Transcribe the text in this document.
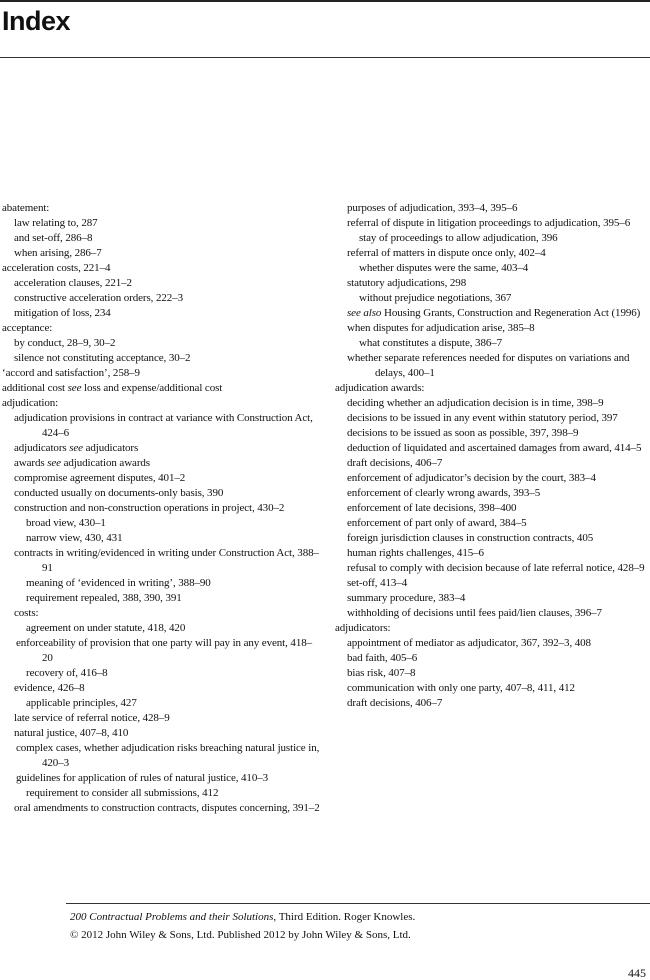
Index
abatement:
law relating to, 287
and set-off, 286–8
when arising, 286–7
acceleration costs, 221–4
acceleration clauses, 221–2
constructive acceleration orders, 222–3
mitigation of loss, 234
acceptance:
by conduct, 28–9, 30–2
silence not constituting acceptance, 30–2
‘accord and satisfaction’, 258–9
additional cost see loss and expense/additional cost
adjudication:
adjudication provisions in contract at variance with Construction Act, 424–6
adjudicators see adjudicators
awards see adjudication awards
compromise agreement disputes, 401–2
conducted usually on documents-only basis, 390
construction and non-construction operations in project, 430–2
broad view, 430–1
narrow view, 430, 431
contracts in writing/evidenced in writing under Construction Act, 388–91
meaning of ‘evidenced in writing’, 388–90
requirement repealed, 388, 390, 391
costs:
agreement on under statute, 418, 420
enforceability of provision that one party will pay in any event, 418–20
recovery of, 416–8
evidence, 426–8
applicable principles, 427
late service of referral notice, 428–9
natural justice, 407–8, 410
complex cases, whether adjudication risks breaching natural justice in, 420–3
guidelines for application of rules of natural justice, 410–3
requirement to consider all submissions, 412
oral amendments to construction contracts, disputes concerning, 391–2
purposes of adjudication, 393–4, 395–6
referral of dispute in litigation proceedings to adjudication, 395–6
stay of proceedings to allow adjudication, 396
referral of matters in dispute once only, 402–4
whether disputes were the same, 403–4
statutory adjudications, 298
without prejudice negotiations, 367
see also Housing Grants, Construction and Regeneration Act (1996)
when disputes for adjudication arise, 385–8
what constitutes a dispute, 386–7
whether separate references needed for disputes on variations and delays, 400–1
adjudication awards:
deciding whether an adjudication decision is in time, 398–9
decisions to be issued in any event within statutory period, 397
decisions to be issued as soon as possible, 397, 398–9
deduction of liquidated and ascertained damages from award, 414–5
draft decisions, 406–7
enforcement of adjudicator’s decision by the court, 383–4
enforcement of clearly wrong awards, 393–5
enforcement of late decisions, 398–400
enforcement of part only of award, 384–5
foreign jurisdiction clauses in construction contracts, 405
human rights challenges, 415–6
refusal to comply with decision because of late referral notice, 428–9
set-off, 413–4
summary procedure, 383–4
withholding of decisions until fees paid/lien clauses, 396–7
adjudicators:
appointment of mediator as adjudicator, 367, 392–3, 408
bad faith, 405–6
bias risk, 407–8
communication with only one party, 407–8, 411, 412
draft decisions, 406–7
200 Contractual Problems and their Solutions, Third Edition. Roger Knowles.
© 2012 John Wiley & Sons, Ltd. Published 2012 by John Wiley & Sons, Ltd.
445
